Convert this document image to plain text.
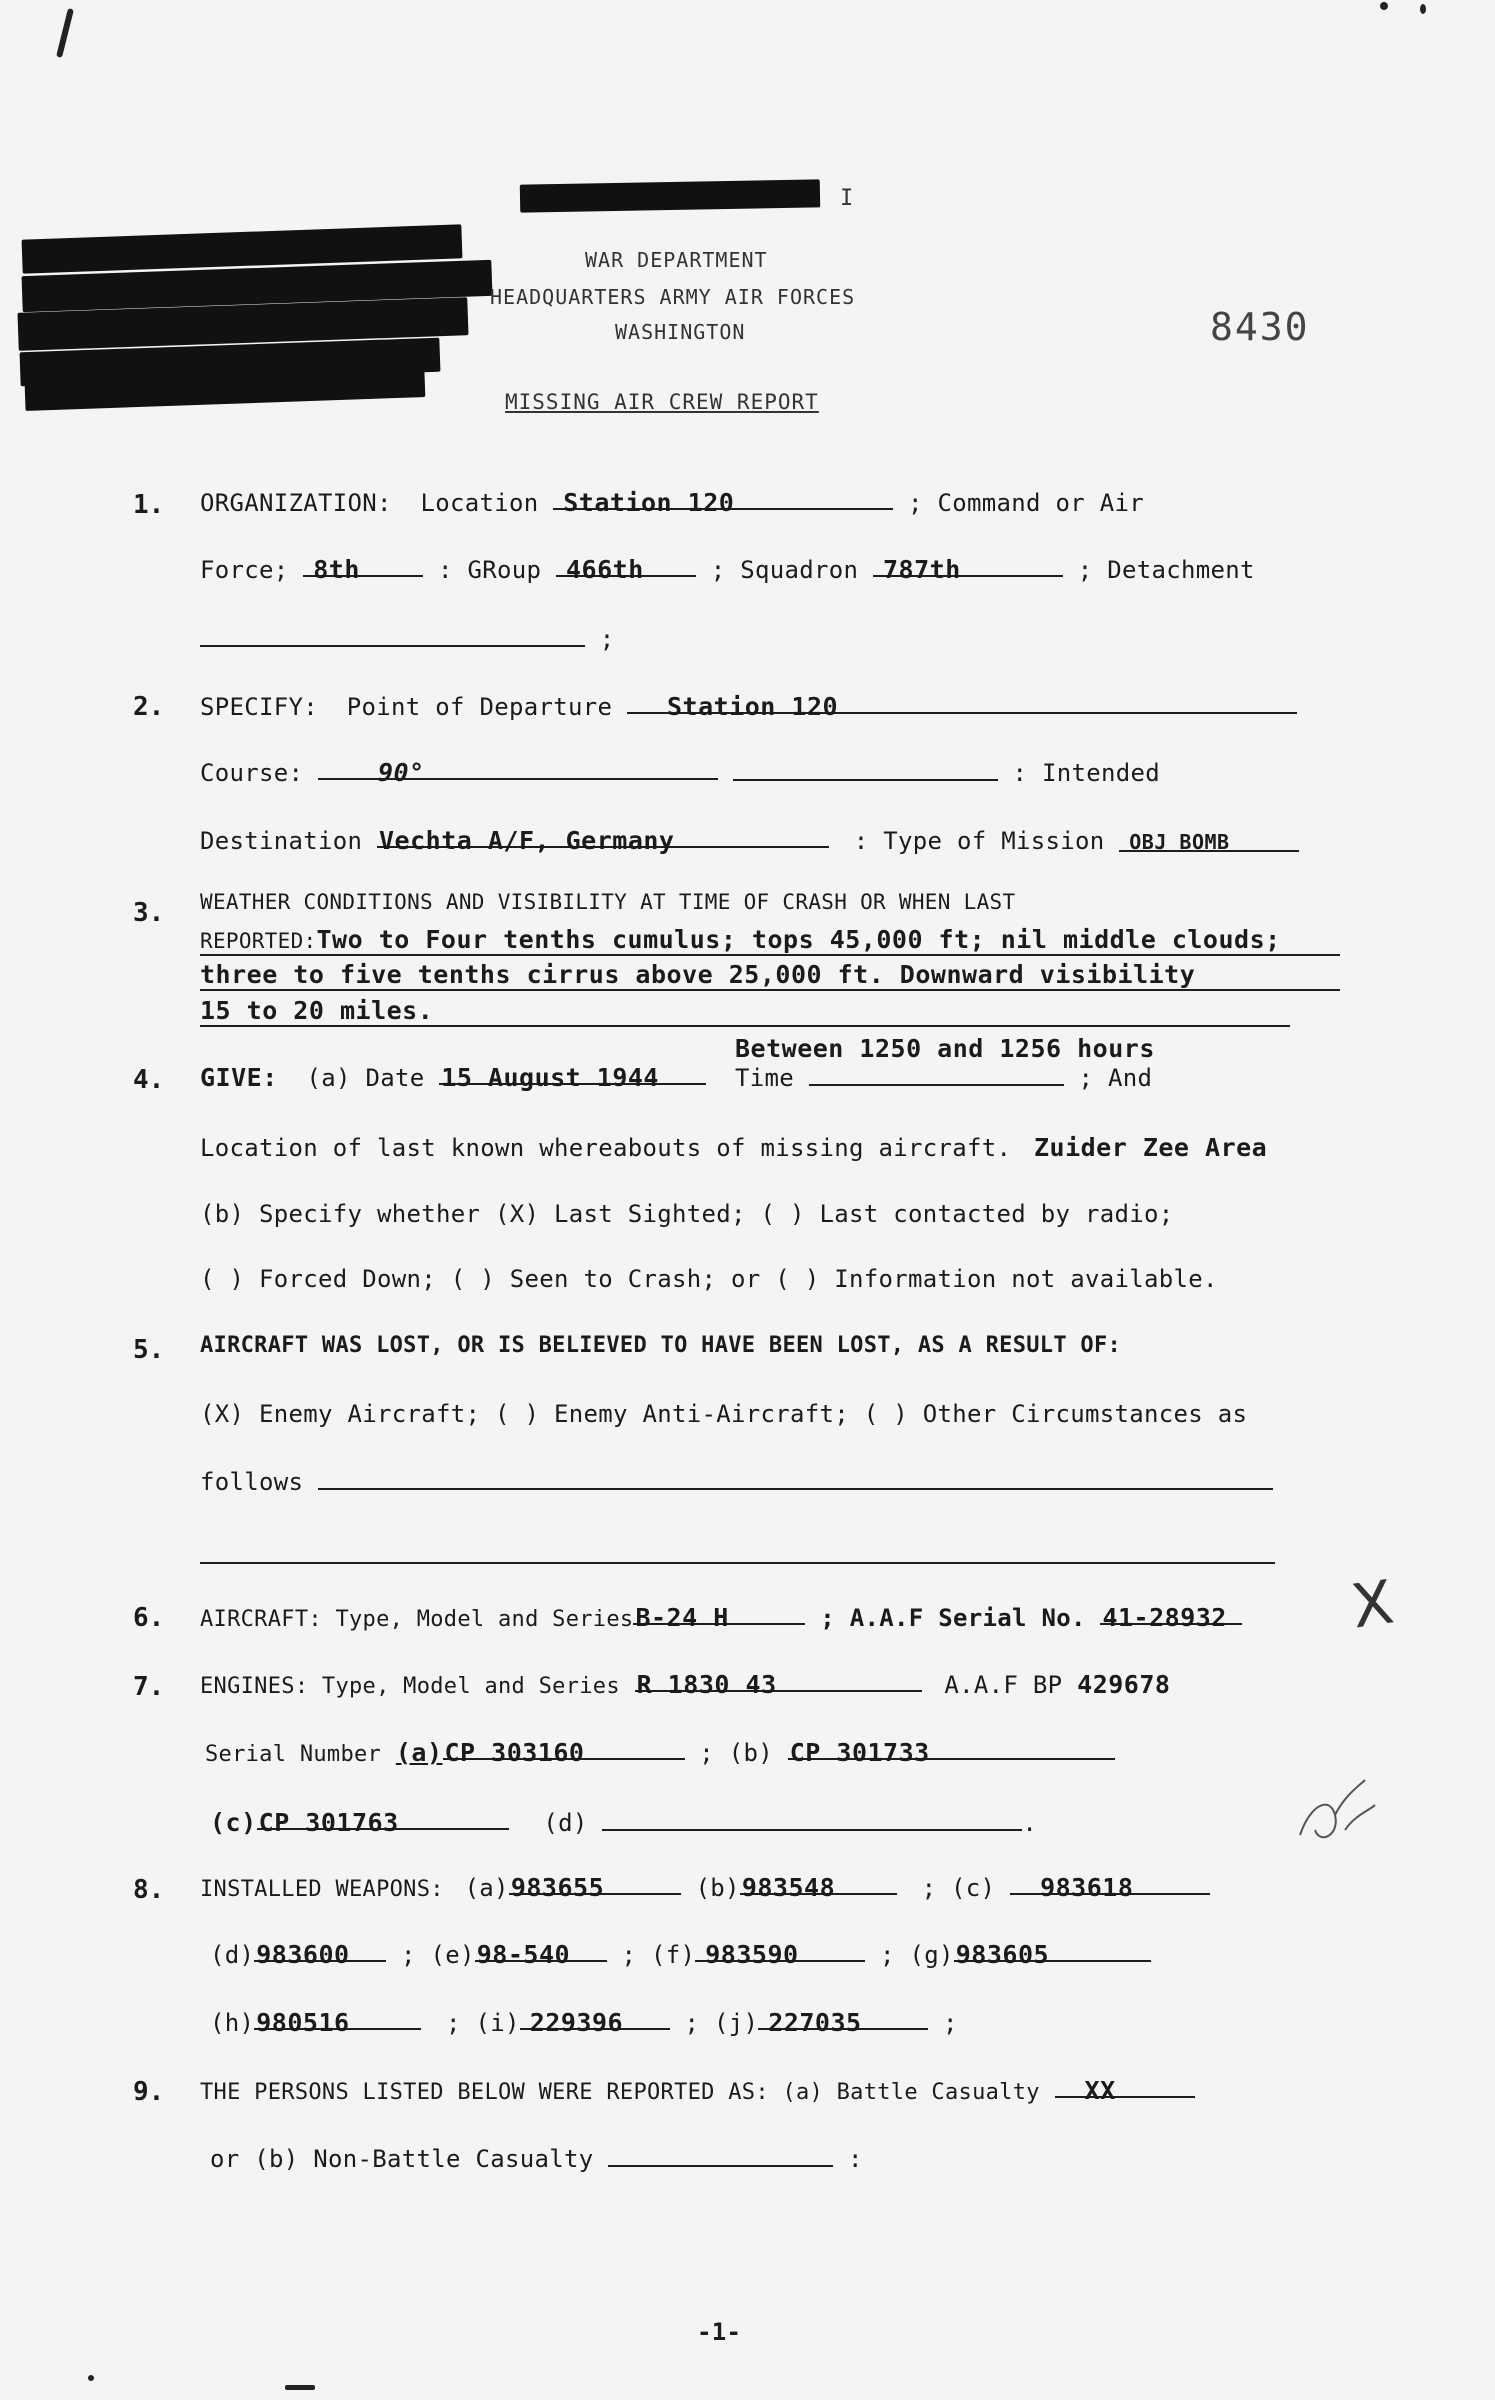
I
WAR DEPARTMENT
HEADQUARTERS ARMY AIR FORCES
WASHINGTON	8430
MISSING AIR CREW REPORT
1. ORGANIZATION: Location Station 120	; Command or Air
Force; 8th	: GRoup 466th	; Squadron 787th	; Detachment
;
2. SPECIFY: Point of Departure Station 120
Course:	90°	: Intended
Destination Vechta A/F, Germany	: Type of Mission OBJ BOMB
3. WEATHER CONDITIONS AND VISIBILITY AT TIME OF CRASH OR WHEN LAST
REPORTED:Two to Four tenths cumulus; tops 45,000 ft; nil middle clouds;
three to five tenths cirrus above 25,000 ft. Downward visibility
15 to 20 miles.
Between 1250 and 1256 hours
4. GIVE: (a) Date 15 August 1944	Time	; And
Location of last known whereabouts of missing aircraft. Zuider Zee Area
(b) Specify whether (X) Last Sighted; ( ) Last contacted by radio;
( ) Forced Down; ( ) Seen to Crash; or ( ) Information not available.
5. AIRCRAFT WAS LOST, OR IS BELIEVED TO HAVE BEEN LOST, AS A RESULT OF:
(X) Enemy Aircraft; ( ) Enemy Anti-Aircraft; ( ) Other Circumstances as
follows
6. AIRCRAFT: Type, Model and SeriesB-24 H	; A.A.F Serial No. 41-28932 X
7. ENGINES: Type, Model and Series R 1830 43	A.A.F BP 429678
Serial Number (a)CP 303160	; (b) CP 301733
(c)CP 301763	(d)	.
8. INSTALLED WEAPONS: (a)983655	(b)983548	; (c) 983618
(d)983600 ; (e)98-540 ; (f) 983590	; (g)983605
(h)980516	; (i) 229396	; (j) 227035	;
9. THE PERSONS LISTED BELOW WERE REPORTED AS: (a) Battle Casualty XX
or (b) Non-Battle Casualty	:
-1-
